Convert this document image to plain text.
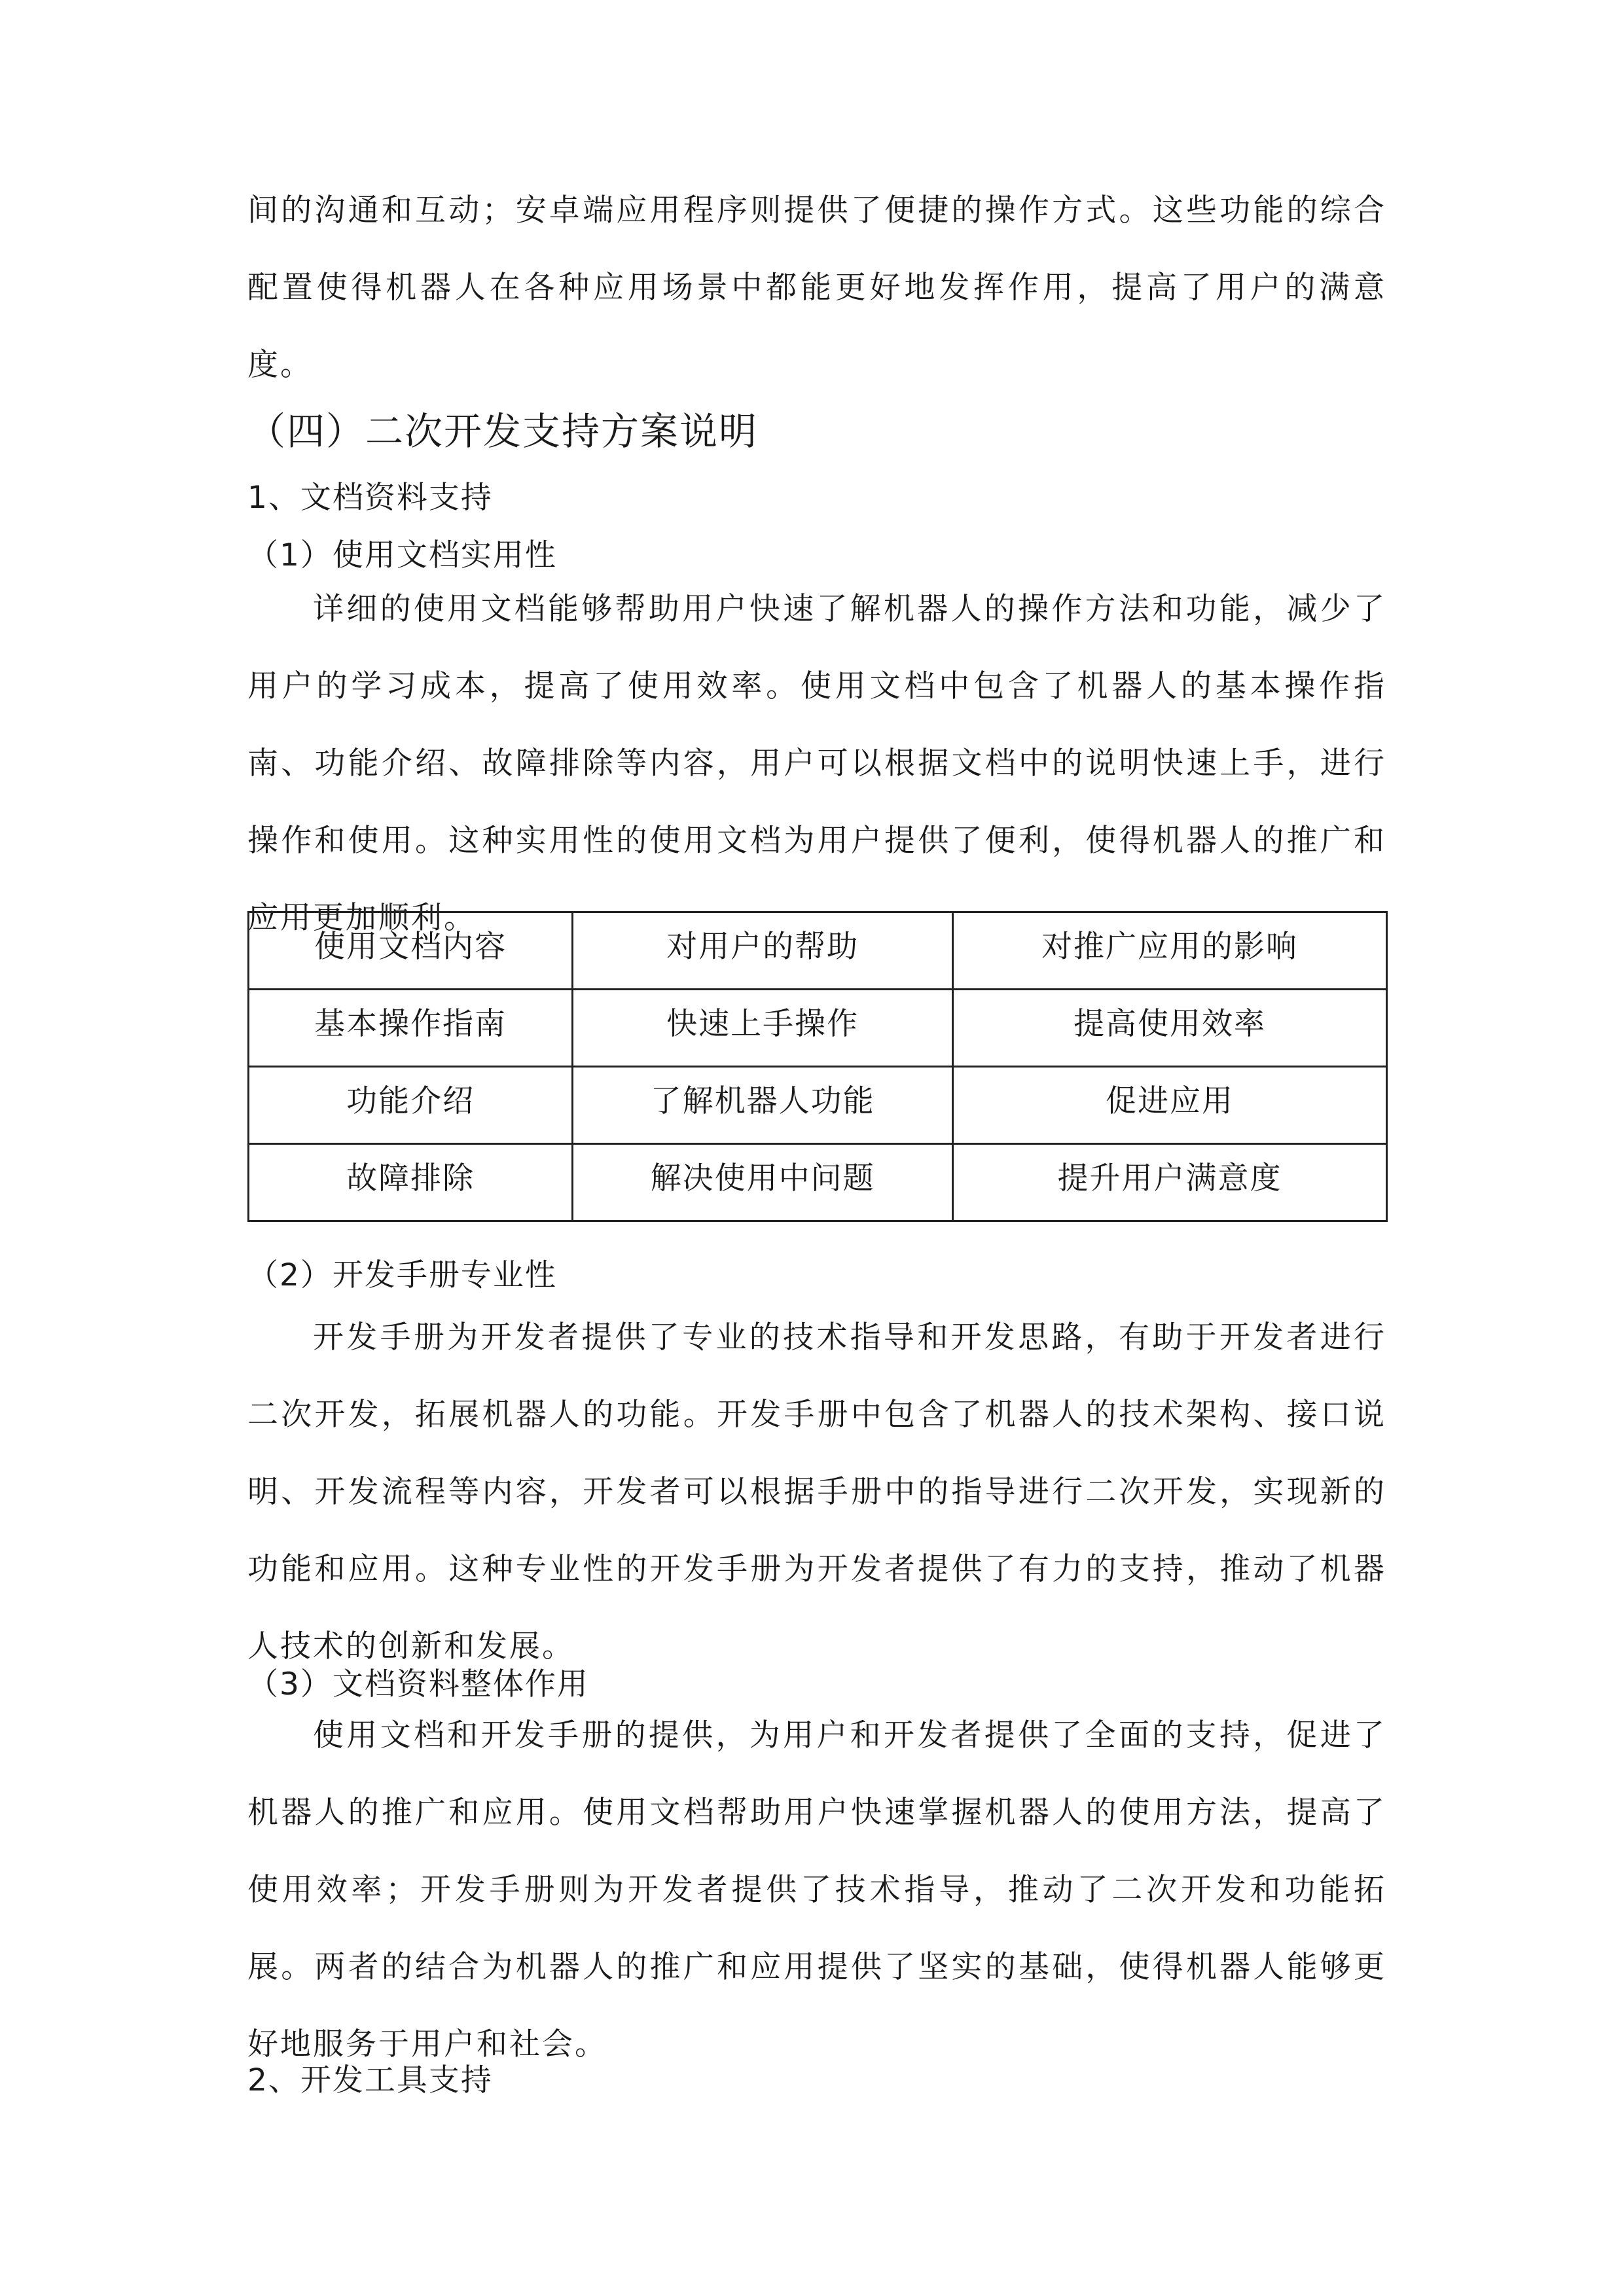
间的沟通和互动；安卓端应用程序则提供了便捷的操作方式。这些功能的综合配置使得机器人在各种应用场景中都能更好地发挥作用，提高了用户的满意度。

（四）二次开发支持方案说明
1、文档资料支持
（1）使用文档实用性

详细的使用文档能够帮助用户快速了解机器人的操作方法和功能，减少了用户的学习成本，提高了使用效率。使用文档中包含了机器人的基本操作指南、功能介绍、故障排除等内容，用户可以根据文档中的说明快速上手，进行操作和使用。这种实用性的使用文档为用户提供了便利，使得机器人的推广和应用更加顺利。

使用文档内容	对用户的帮助	对推广应用的影响
基本操作指南	快速上手操作	提高使用效率
功能介绍	了解机器人功能	促进应用
故障排除	解决使用中问题	提升用户满意度
（2）开发手册专业性

开发手册为开发者提供了专业的技术指导和开发思路，有助于开发者进行二次开发，拓展机器人的功能。开发手册中包含了机器人的技术架构、接口说明、开发流程等内容，开发者可以根据手册中的指导进行二次开发，实现新的功能和应用。这种专业性的开发手册为开发者提供了有力的支持，推动了机器人技术的创新和发展。

（3）文档资料整体作用

使用文档和开发手册的提供，为用户和开发者提供了全面的支持，促进了机器人的推广和应用。使用文档帮助用户快速掌握机器人的使用方法，提高了使用效率；开发手册则为开发者提供了技术指导，推动了二次开发和功能拓展。两者的结合为机器人的推广和应用提供了坚实的基础，使得机器人能够更好地服务于用户和社会。

2、开发工具支持
